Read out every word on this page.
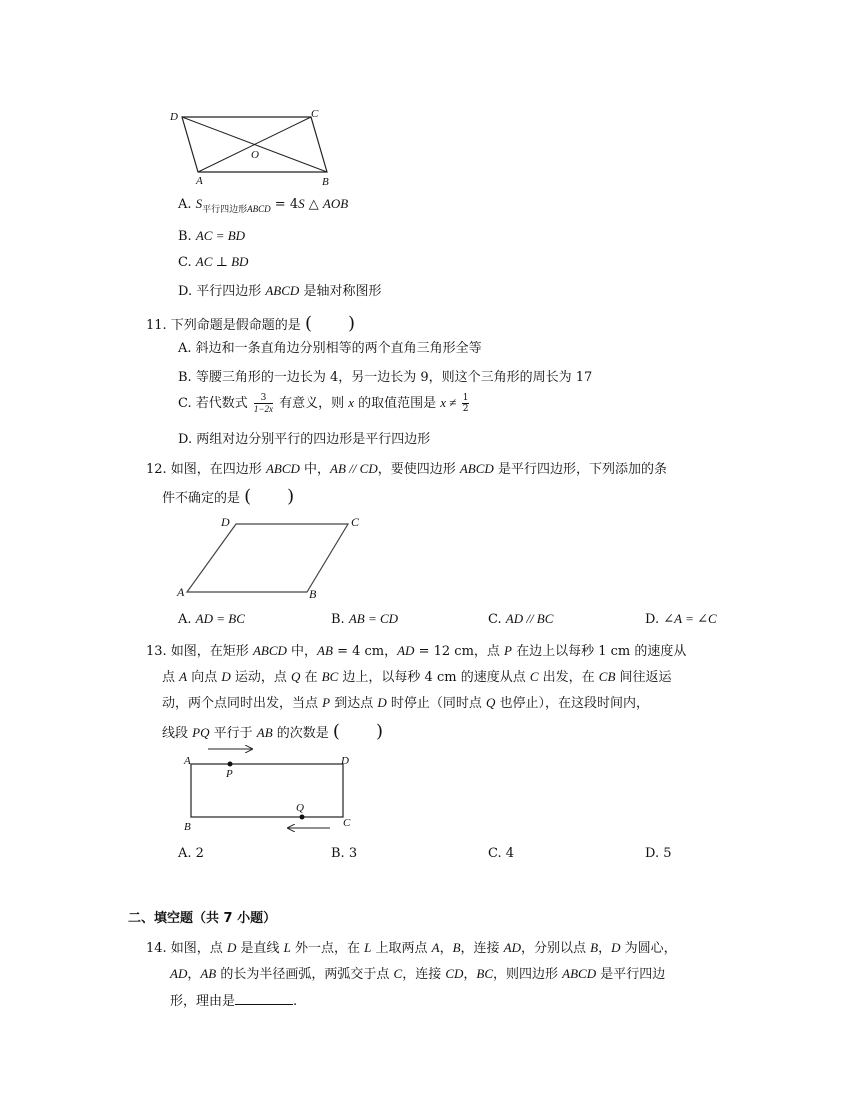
D	C
O
A	B
A. $S_{平行四边形ABCD} = 4S$ △ AOB
B. AC = BD
C. AC ⊥ BD
D. 平行四边形 ABCD 是轴对称图形
11. 下列命题是假命题的是 (　　)
A. 斜边和一条直角边分别相等的两个直角三角形全等
B. 等腰三角形的一边长为 4，另一边长为 9，则这个三角形的周长为 17
C. 若代数式 $\frac{3}{1-2x}$ 有意义，则 x 的取值范围是 $x \ne \frac{1}{2}$
D. 两组对边分别平行的四边形是平行四边形
12. 如图，在四边形 ABCD 中，AB // CD，要使四边形 ABCD 是平行四边形，下列添加的条
件不确定的是 (　　)
D	C
A	B
A. AD = BC	B. AB = CD	C. AD // BC	D. ∠A = ∠C
13. 如图，在矩形 ABCD 中，AB = 4 cm，AD = 12 cm，点 P 在边上以每秒 1 cm 的速度从
点 A 向点 D 运动，点 Q 在 BC 边上，以每秒 4 cm 的速度从点 C 出发，在 CB 间往返运
动，两个点同时出发，当点 P 到达点 D 时停止（同时点 Q 也停止），在这段时间内，
线段 PQ 平行于 AB 的次数是 (　　)
A	D
P
Q
B	C
A. 2	B. 3	C. 4	D. 5
二、填空题（共 7 小题）
14. 如图，点 D 是直线 L 外一点，在 L 上取两点 A，B，连接 AD，分别以点 B，D 为圆心，
AD，AB 的长为半径画弧，两弧交于点 C，连接 CD，BC，则四边形 ABCD 是平行四边
形，理由是	.
